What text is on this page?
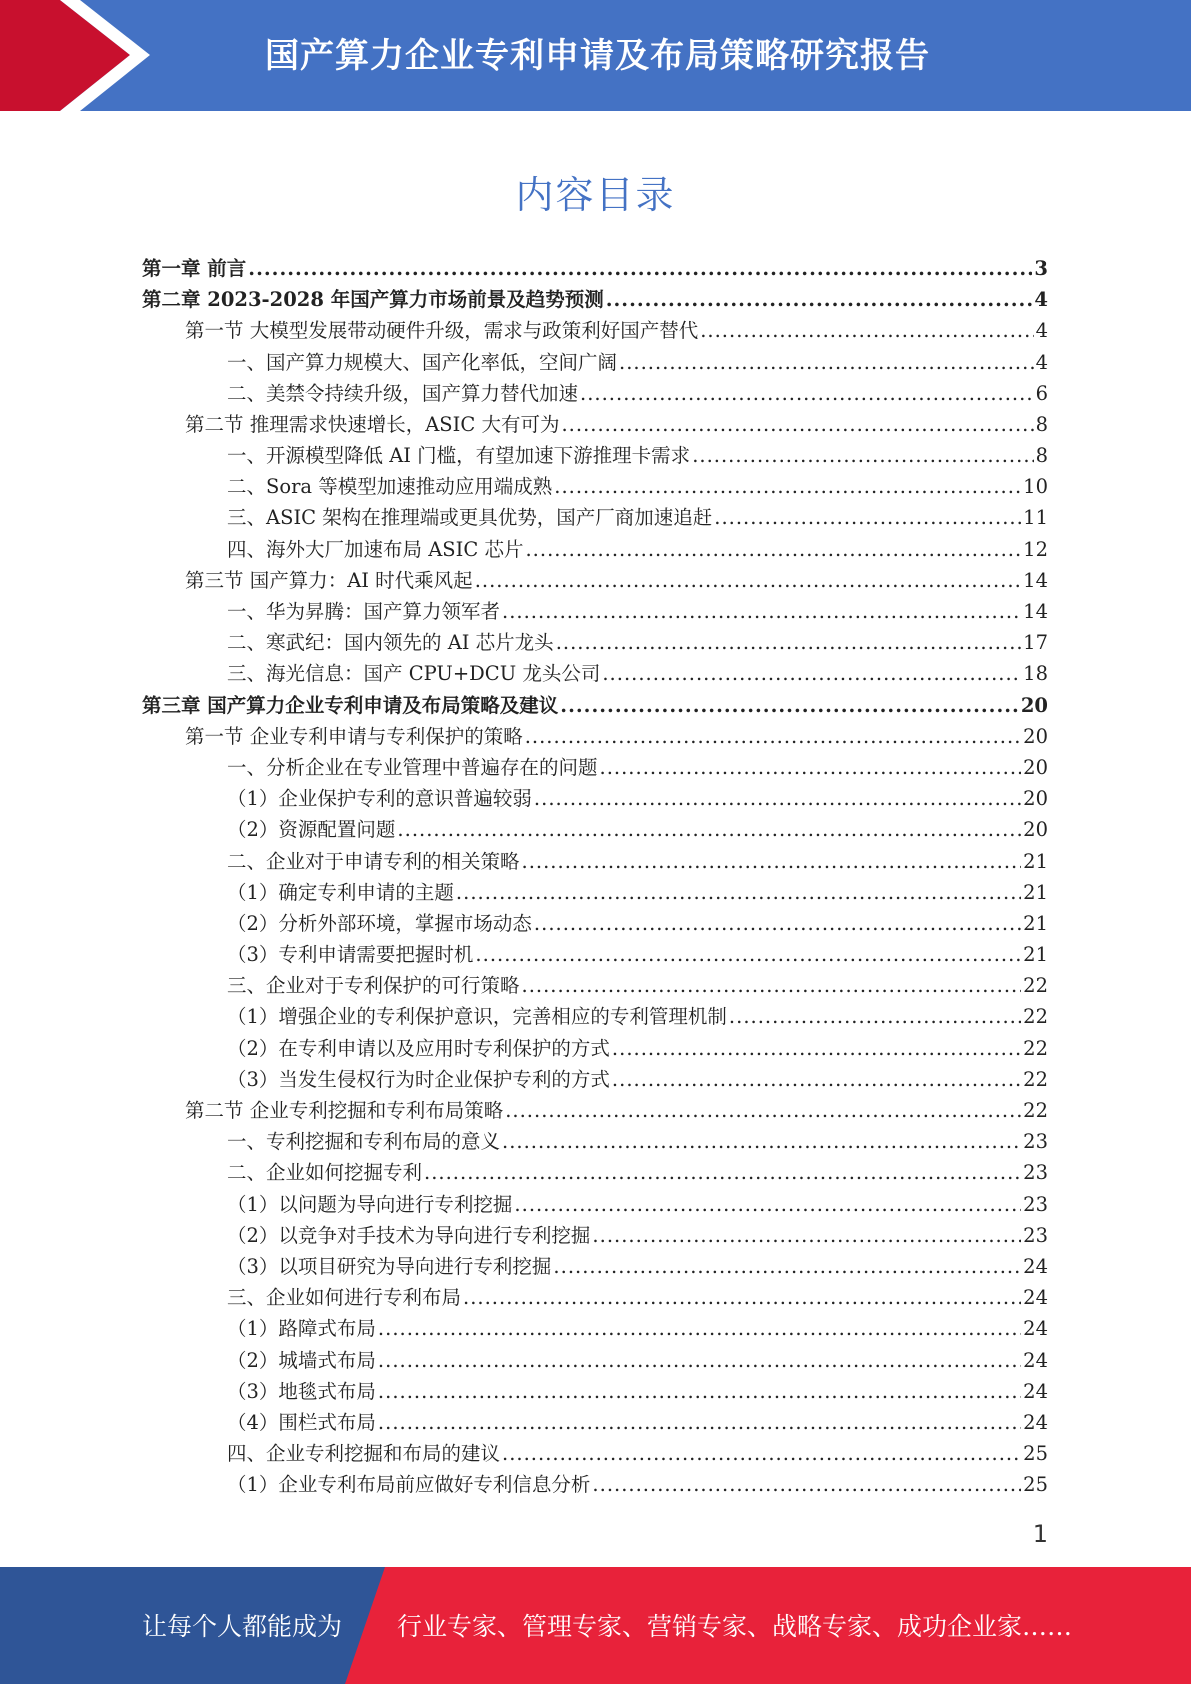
国产算力企业专利申请及布局策略研究报告
内容目录
第一章 前言 .....	3
第二章 2023-2028 年国产算力市场前景及趋势预测 .....	4
第一节 大模型发展带动硬件升级，需求与政策利好国产替代 .....	4
一、国产算力规模大、国产化率低，空间广阔 .....	4
二、美禁令持续升级，国产算力替代加速 .....	6
第二节 推理需求快速增长，ASIC 大有可为 .....	8
一、开源模型降低 AI 门槛，有望加速下游推理卡需求 .....	8
二、Sora 等模型加速推动应用端成熟 .....	10
三、ASIC 架构在推理端或更具优势，国产厂商加速追赶 .....	11
四、海外大厂加速布局 ASIC 芯片 .....	12
第三节 国产算力：AI 时代乘风起 .....	14
一、华为昇腾：国产算力领军者 .....	14
二、寒武纪：国内领先的 AI 芯片龙头 .....	17
三、海光信息：国产 CPU+DCU 龙头公司 .....	18
第三章 国产算力企业专利申请及布局策略及建议 .....	20
第一节 企业专利申请与专利保护的策略 .....	20
一、分析企业在专业管理中普遍存在的问题 .....	20
（1）企业保护专利的意识普遍较弱 .....	20
（2）资源配置问题 .....	20
二、企业对于申请专利的相关策略 .....	21
（1）确定专利申请的主题 .....	21
（2）分析外部环境，掌握市场动态 .....	21
（3）专利申请需要把握时机 .....	21
三、企业对于专利保护的可行策略 .....	22
（1）增强企业的专利保护意识，完善相应的专利管理机制 .....	22
（2）在专利申请以及应用时专利保护的方式 .....	22
（3）当发生侵权行为时企业保护专利的方式 .....	22
第二节 企业专利挖掘和专利布局策略 .....	22
一、专利挖掘和专利布局的意义 .....	23
二、企业如何挖掘专利 .....	23
（1）以问题为导向进行专利挖掘 .....	23
（2）以竞争对手技术为导向进行专利挖掘 .....	23
（3）以项目研究为导向进行专利挖掘 .....	24
三、企业如何进行专利布局 .....	24
（1）路障式布局 .....	24
（2）城墙式布局 .....	24
（3）地毯式布局 .....	24
（4）围栏式布局 .....	24
四、企业专利挖掘和布局的建议 .....	25
（1）企业专利布局前应做好专利信息分析 .....	25
1
让每个人都能成为 行业专家、管理专家、营销专家、战略专家、成功企业家……
